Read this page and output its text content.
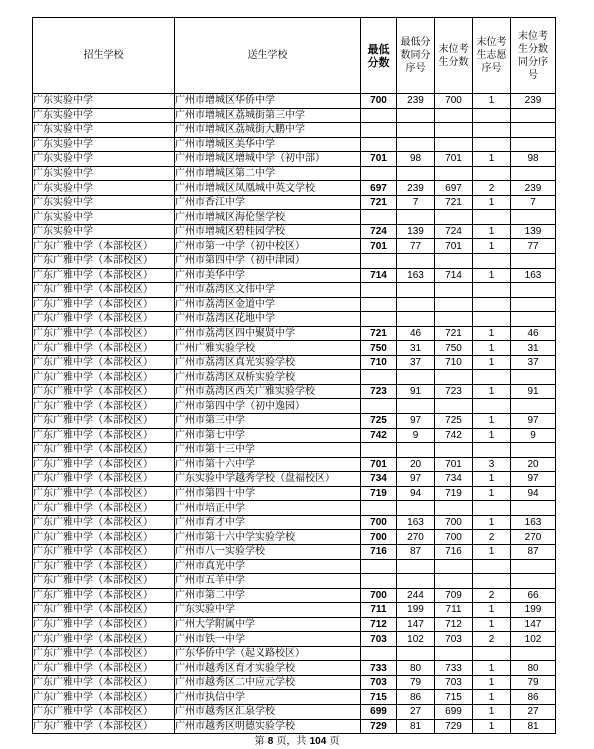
招生学校	送生学校	最低分数	最低分数同分序号	末位考生分数	末位考生志愿序号	末位考生分数同分序号
广东实验中学	广州市增城区华侨中学	700	239	700	1	239
广东实验中学	广州市增城区荔城街第三中学					
广东实验中学	广州市增城区荔城街大鹏中学					
广东实验中学	广州市增城区美华中学					
广东实验中学	广州市增城区增城中学（初中部）	701	98	701	1	98
广东实验中学	广州市增城区第二中学					
广东实验中学	广州市增城区凤凰城中英文学校	697	239	697	2	239
广东实验中学	广州市香江中学	721	7	721	1	7
广东实验中学	广州市增城区海伦堡学校					
广东实验中学	广州市增城区碧桂园学校	724	139	724	1	139
广东广雅中学（本部校区）	广州市第一中学（初中校区）	701	77	701	1	77
广东广雅中学（本部校区）	广州市第四中学（初中津园）					
广东广雅中学（本部校区）	广州市美华中学	714	163	714	1	163
广东广雅中学（本部校区）	广州市荔湾区文伟中学					
广东广雅中学（本部校区）	广州市荔湾区金道中学					
广东广雅中学（本部校区）	广州市荔湾区花地中学					
广东广雅中学（本部校区）	广州市荔湾区四中聚贤中学	721	46	721	1	46
广东广雅中学（本部校区）	广州广雅实验学校	750	31	750	1	31
广东广雅中学（本部校区）	广州市荔湾区真光实验学校	710	37	710	1	37
广东广雅中学（本部校区）	广州市荔湾区双桥实验学校					
广东广雅中学（本部校区）	广州市荔湾区西关广雅实验学校	723	91	723	1	91
广东广雅中学（本部校区）	广州市第四中学（初中逸园）					
广东广雅中学（本部校区）	广州市第三中学	725	97	725	1	97
广东广雅中学（本部校区）	广州市第七中学	742	9	742	1	9
广东广雅中学（本部校区）	广州市第十三中学					
广东广雅中学（本部校区）	广州市第十六中学	701	20	701	3	20
广东广雅中学（本部校区）	广东实验中学越秀学校（盘福校区）	734	97	734	1	97
广东广雅中学（本部校区）	广州市第四十中学	719	94	719	1	94
广东广雅中学（本部校区）	广州市培正中学					
广东广雅中学（本部校区）	广州市育才中学	700	163	700	1	163
广东广雅中学（本部校区）	广州市第十六中学实验学校	700	270	700	2	270
广东广雅中学（本部校区）	广州市八一实验学校	716	87	716	1	87
广东广雅中学（本部校区）	广州市真光中学					
广东广雅中学（本部校区）	广州市五羊中学					
广东广雅中学（本部校区）	广州市第二中学	700	244	709	2	66
广东广雅中学（本部校区）	广东实验中学	711	199	711	1	199
广东广雅中学（本部校区）	广州大学附属中学	712	147	712	1	147
广东广雅中学（本部校区）	广州市铁一中学	703	102	703	2	102
广东广雅中学（本部校区）	广东华侨中学（起义路校区）					
广东广雅中学（本部校区）	广州市越秀区育才实验学校	733	80	733	1	80
广东广雅中学（本部校区）	广州市越秀区二中应元学校	703	79	703	1	79
广东广雅中学（本部校区）	广州市执信中学	715	86	715	1	86
广东广雅中学（本部校区）	广州市越秀区汇泉学校	699	27	699	1	27
广东广雅中学（本部校区）	广州市越秀区明德实验学校	729	81	729	1	81
第 8 页，共 104 页
